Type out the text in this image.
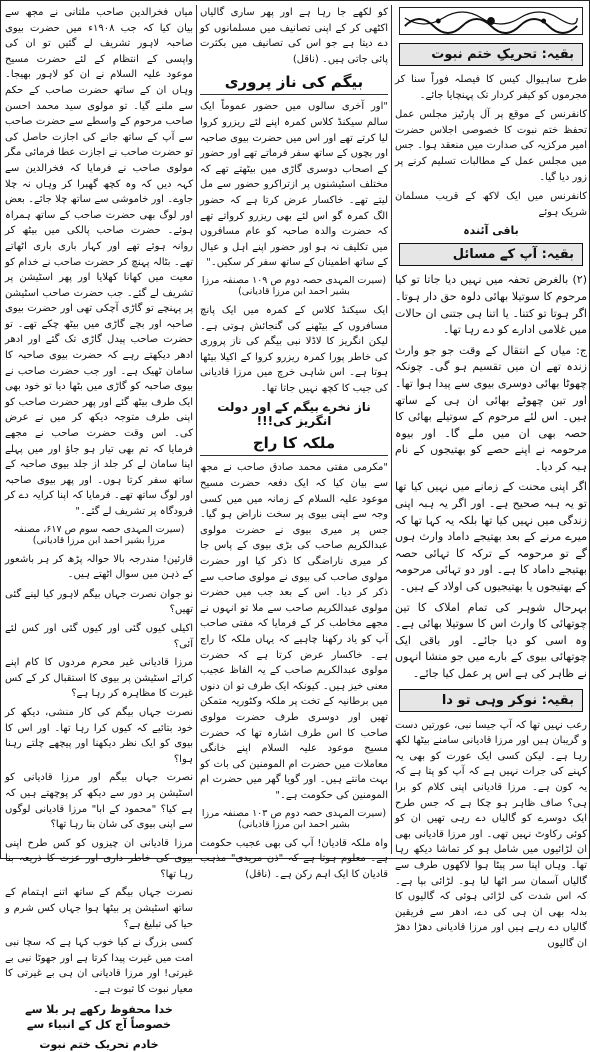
بقیہ: تحریکِ ختم نبوت

طرح ساہیوال کیس کا فیصلہ فوراً سنا کر مجرموں کو کیفر کردار تک پہنچایا جائے۔

کانفرنس کے موقع پر آل پارٹیز مجلس عمل تحفظ ختم نبوت کا خصوصی اجلاس حضرت امیر مرکزیہ کی صدارت میں منعقد ہوا۔ جس میں مجلس عمل کے مطالبات تسلیم کرنے پر زور دیا گیا۔

کانفرنس میں ایک لاکھ کے قریب مسلمان شریک ہوئے

باقی آئندہ
بقیہ: آپ کے مسائل

(۲) بالغرض تحفہ میں نہیں دیا جاتا تو کیا مرحوم کا سوتیلا بھائی دلوہ حق دار ہوتا۔ اگر ہوتا تو کتنا۔ یا اتنا ہی جتنی ان حالات میں غلامی ادارے کو دے رہا تھا۔

ج: میاں کے انتقال کے وقت جو جو وارث زندہ تھے ان میں تقسیم ہو گی۔ چونکہ چھوٹا بھائی دوسری بیوی سے پیدا ہوا تھا۔ اور تین چھوٹے بھائی ان ہی کے ساتھ ہیں۔ اس لئے مرحوم کے سوتیلے بھائی کا حصہ بھی ان میں ملے گا۔ اور بیوہ مرحومہ نے اپنے حصے کو بھتیجوں کے نام ہبہ کر دیا۔

اگر اپنی محنت کے زمانے میں نہیں کیا تھا تو یہ ہبہ صحیح ہے۔ اور اگر یہ ہبہ اپنی زندگی میں نہیں کیا تھا بلکہ یہ کہا تھا کہ میرے مرنے کے بعد بھتیجے داماد وارث ہوں گے تو مرحومہ کے ترکہ کا تہائی حصہ بھتیجے داماد کا ہے۔ اور دو تہائی مرحومہ کے بھتیجوں یا بھتیجیوں کی اولاد کے ہیں۔

بہرحال شوہر کی تمام املاک کا تین چوتھائی کا وارث اس کا سوتیلا بھائی ہے۔ وہ اسی کو دیا جائے۔ اور باقی ایک چوتھائی بیوی کے بارے میں جو منشا انہوں نے ظاہر کی ہے اس پر عمل کیا جائے۔

بقیہ: نوکر وہی تو دا

رعب نہیں تھا کہ آپ جیسا نبی، عورتیں دست و گریبان ہیں اور مرزا قادیانی سامنے بیٹھا لکھ رہا ہے۔ لیکن کسی ایک عورت کو بھی یہ کہنے کی جرات نہیں ہے کہ آپ کو پتا ہے کہ یہ کون ہے۔ مرزا قادیانی اپنی کلام کو برا ہی؟ صاف ظاہر ہو چکا ہے کہ جس طرح ایک دوسرے کو گالیاں دے رہی تھیں ان کو کوئی رکاوٹ نہیں تھی۔ اور مرزا قادیانی بھی ان لڑائیوں میں شامل ہو کر تماشا دیکھ رہا تھا۔ وہاں اپنا سر پیٹا ہوا لاکھوں طرف سے گالیاں آسمان سر اٹھا لیا ہو۔ لڑائی بپا ہے۔ کہ اس شدت کی لڑائی ہوئی کہ گالیوں کا بدلہ بھی ان ہی کی دے، ادھر سے فریقین گالیاں دے رہے ہیں اور مرزا قادیانی دھڑا دھڑ ان گالیوں

کو لکھے جا رہا ہے اور پھر ساری گالیاں اکٹھی کر کے اپنی تصانیف میں مسلمانوں کو دے دیتا ہے جو اس کی تصانیف میں بکثرت پائی جاتی ہیں۔ (ناقل)

بیگم کی ناز پروری

"اور آخری سالوں میں حضور عموماً ایک سالم سیکنڈ کلاس کمرہ اپنے لئے ریزرو کروا لیا کرتے تھے اور اس میں حضرت بیوی صاحبہ اور بچوں کے ساتھ سفر فرماتے تھے اور حضور کے اصحاب دوسری گاڑی میں بیٹھتے تھے کہ مختلف اسٹیشنوں پر ازتراکرو حضور سے مل لیتے تھے۔ خاکسار عرض کرتا ہے کہ حضور الگ کمرہ گو اس لئے بھی ریزرو کرواتے تھے کہ حضرت والدہ صاحبہ کو عام مسافروں میں تکلیف نہ ہو اور حضور اپنے اہل و عیال کے ساتھ اطمینان کے ساتھ سفر کر سکیں۔"

(سیرت المہدی حصہ دوم ص ۱۰۹ مصنفہ مرزا بشیر احمد ابن مرزا قادیانی)

ایک سیکنڈ کلاس کے کمرہ میں ایک پانچ مسافروں کے بیٹھنے کی گنجائش ہوتی ہے۔ لیکن انگریز کا لاڈلا نبی بیگم کی ناز پروری کی خاطر پورا کمرہ ریزرو کروا کے اکیلا بیٹھا ہوتا ہے۔ اس شاہی خرچ میں مرزا قادیانی کی جیب کا کچھ نہیں جاتا تھا۔

ناز نخرے بیگم کے اور دولت انگریز کی!!!
ملکہ کا راج

"مکرمی مفتی محمد صادق صاحب نے مجھ سے بیان کیا کہ ایک دفعہ حضرت مسیح موعود علیہ السلام کے زمانہ میں میں کسی وجہ سے اپنی بیوی پر سخت ناراض ہو گیا۔ جس پر میری بیوی نے حضرت مولوی عبدالکریم صاحب کی بڑی بیوی کے پاس جا کر میری ناراضگی کا ذکر کیا اور حضرت مولوی صاحب کی بیوی نے مولوی صاحب سے ذکر کر دیا۔ اس کے بعد جب میں حضرت مولوی عبدالکریم صاحب سے ملا تو انہوں نے مجھے مخاطب کر کے فرمایا کہ مفتی صاحب آپ کو یاد رکھنا چاہیے کہ یہاں ملکہ کا راج ہے۔ خاکسار عرض کرتا ہے کہ حضرت مولوی عبدالکریم صاحب کے یہ الفاظ عجیب معنی خیز ہیں۔ کیونکہ ایک طرف تو ان دنوں میں برطانیہ کے تخت پر ملکہ وکٹوریہ متمکن تھیں اور دوسری طرف حضرت مولوی صاحب کا اس طرف اشارہ تھا کہ حضرت مسیح موعود علیہ السلام اپنے خانگی معاملات میں حضرت ام المومنین کی بات کو بہت مانتے ہیں۔ اور گویا گھر میں حضرت ام المومنین کی حکومت ہے۔"

(سیرت المہدی حصہ دوم ص ۱۰۳ مصنفہ مرزا بشیر احمد ابن مرزا قادیانی)

واہ ملکہ قادیان! آپ کی بھی عجیب حکومت ہے۔ معلوم ہوتا ہے کہ "ذن مریدی" مذہب قادیان کا ایک اہم رکن ہے۔ (ناقل)

میاں فخرالدین صاحب ملتانی نے مجھ سے بیان کیا کہ جب ۱۹۰۸ء میں حضرت بیوی صاحبہ لاہور تشریف لے گئیں تو ان کی واپسی کے انتظام کے لئے حضرت مسیح موعود علیہ السلام نے ان کو لاہور بھیجا۔ وہاں ان کے ساتھ حضرت صاحب کے حکم سے ملنے گیا۔ تو مولوی سید محمد احسن صاحب مرحوم کے واسطے سے حضرت صاحب سے آپ کے ساتھ جانے کی اجازت حاصل کی تو حضرت صاحب نے اجازت عطا فرمائی مگر مولوی صاحب نے فرمایا کہ فخرالدین سے کہہ دیں کہ وہ کچھ گھبرا کر وہاں نہ چلا جاوے۔ اور خاموشی سے ساتھ چلا جائے۔ بعض اور لوگ بھی حضرت صاحب کے ساتھ ہمراہ ہوئے۔ حضرت صاحب پالکی میں بیٹھ کر روانہ ہوئے تھے اور کہار باری باری اٹھاتے تھے۔ بٹالہ پہنچ کر حضرت صاحب نے خدام کو معیت میں کھانا کھلایا اور پھر اسٹیشن پر تشریف لے گئے۔ جب حضرت صاحب اسٹیشن پر پہنچے تو گاڑی آچکی تھی اور حضرت بیوی صاحبہ اور بچے گاڑی میں بیٹھ چکے تھے۔ تو حضرت صاحب پیدل گاڑی تک گئے اور ادھر ادھر دیکھتے رہے کہ حضرت بیوی صاحبہ کا سامان ٹھیک ہے۔ اور جب حضرت صاحب نے بیوی صاحبہ کو گاڑی میں بٹھا دیا تو خود بھی ایک طرف بیٹھ گئے اور پھر حضرت صاحب کو اپنی طرف متوجہ دیکھ کر میں نے عرض کی۔ اس وقت حضرت صاحب نے مجھے فرمایا کہ تم بھی تیار ہو جاؤ اور میں پہلے اپنا سامان لے کر جلد از جلد بیوی صاحبہ کے ساتھ سفر کرتا ہوں۔ اور پھر بیوی صاحبہ اور لوگ ساتھ تھے۔ فرمایا کہ اپنا کرایہ دے کر فرودگاہ پر تشریف لے گئے۔"

(سیرت المہدی حصہ سوم ص ۶۱۷، مصنفہ مرزا بشیر احمد ابن مرزا قادیانی)

قارئین! مندرجہ بالا حوالہ پڑھ کر ہر باشعور کے ذہن میں سوال اٹھتے ہیں۔

نو جوان نصرت جہاں بیگم لاہور کیا لینے گئی تھیں؟

اکیلی کیوں گئی اور کیوں گئی اور کس لئے آئی؟

مرزا قادیانی غیر محرم مردوں کا کام اپنے کرائے اسٹیشن پر بیوی کا استقبال کر کے کس غیرت کا مظاہرہ کر رہا ہے؟

نصرت جہاں بیگم کی کار منشی، دیکھ کر خود بتائیے کہ کیوں کرا رہا تھا۔ اور اس کا بیوی کو ایک نظر دیکھنا اور پیچھے چلتے رہنا ہوا؟

نصرت جہاں بیگم اور مرزا قادیانی کو اسٹیشن پر دور سے دیکھ کر پوچھتے ہیں کہ ہے کیا؟ "محمود کے ابا" مرزا قادیانی لوگوں سے اپنی بیوی کی شان بنا رہا تھا؟

مرزا قادیانی ان چیزوں کو کس طرح اپنی بیوی کی خاطر داری اور عزت کا ذریعہ بنا رہا تھا؟

نصرت جہاں بیگم کے ساتھ اتنے اہتمام کے ساتھ اسٹیشن پر بیٹھا ہوا جہاں کس شرم و حیا کی تبلیغ ہے؟

کسی بزرگ نے کیا خوب کہا ہے کہ سچا نبی امت میں غیرت پیدا کرتا ہے اور جھوٹا نبی بے غیرتی! اور مرزا قادیانی ان ہی بے غیرتی کا معیار نبوت کا ثبوت ہے۔

خدا محفوظ رکھے ہر بلا سے خصوصاً آج کل کے انبیاء سے

خادم تحریک ختم نبوت
